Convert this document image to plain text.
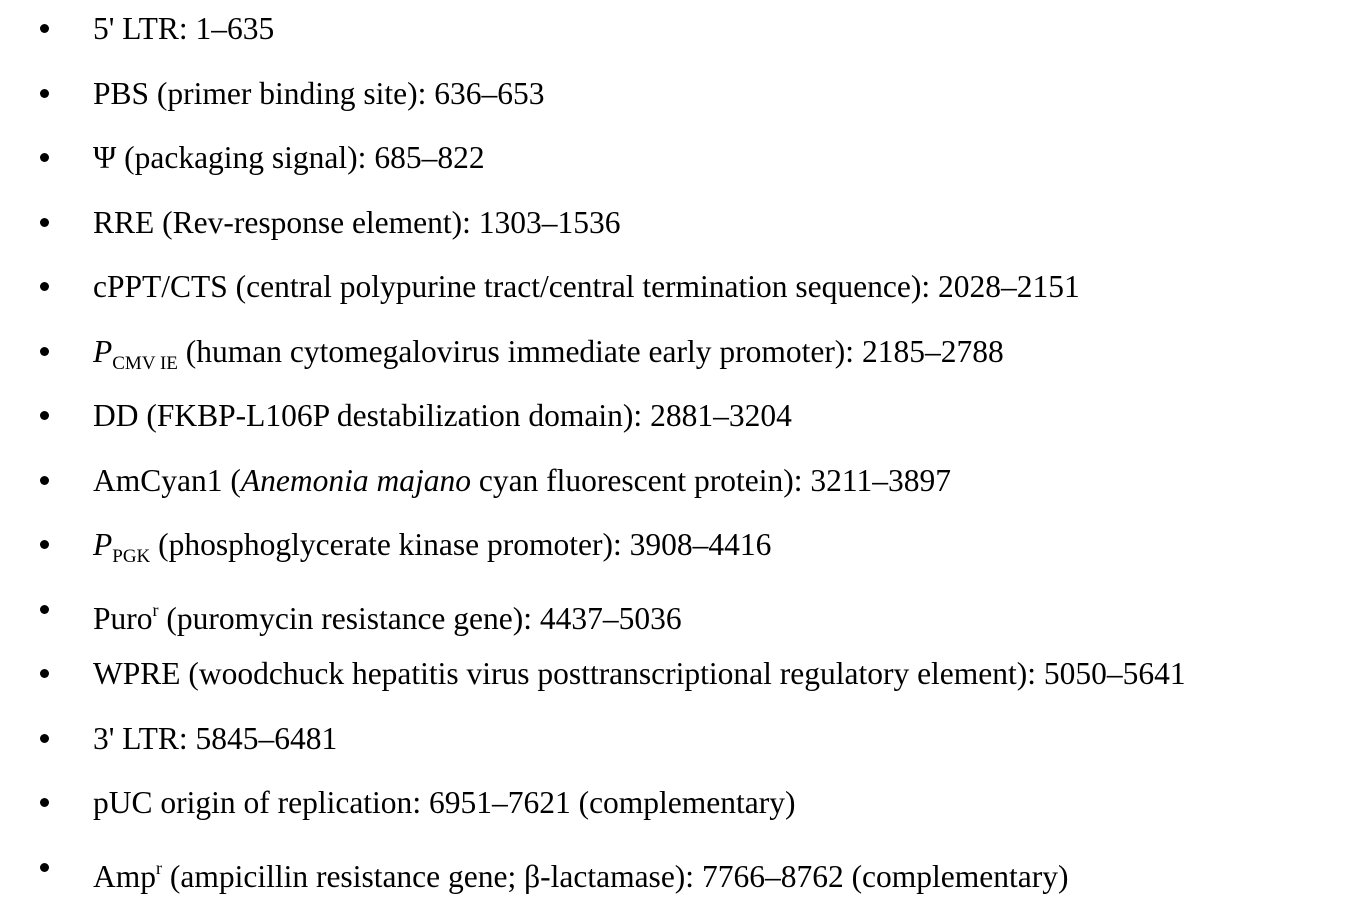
5' LTR: 1–635
PBS (primer binding site): 636–653
Ψ (packaging signal): 685–822
RRE (Rev-response element): 1303–1536
cPPT/CTS (central polypurine tract/central termination sequence): 2028–2151
$P_{CMV IE}$ (human cytomegalovirus immediate early promoter): 2185–2788
DD (FKBP-L106P destabilization domain): 2881–3204
AmCyan1 (Anemonia majano cyan fluorescent protein): 3211–3897
$P_{PGK}$ (phosphoglycerate kinase promoter): 3908–4416
Puro$^r$ (puromycin resistance gene): 4437–5036
WPRE (woodchuck hepatitis virus posttranscriptional regulatory element): 5050–5641
3' LTR: 5845–6481
pUC origin of replication: 6951–7621 (complementary)
Amp$^r$ (ampicillin resistance gene; β-lactamase): 7766–8762 (complementary)
